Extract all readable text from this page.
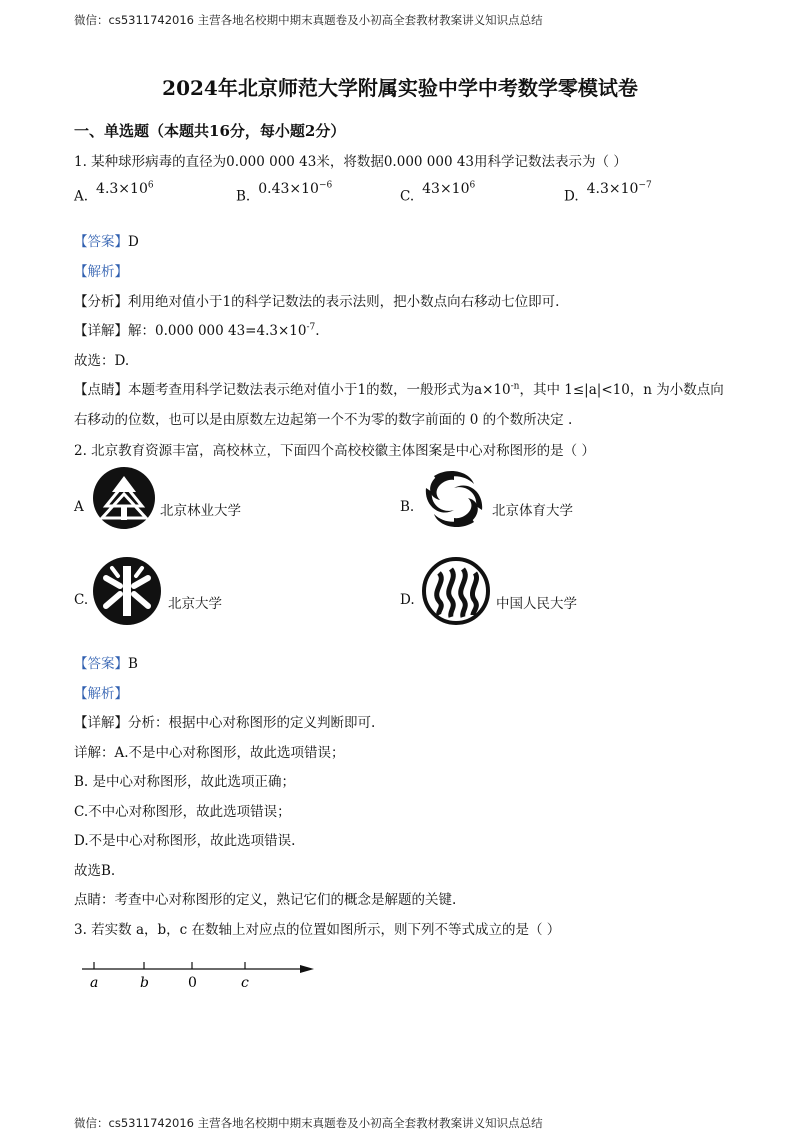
微信：cs5311742016 主营各地名校期中期末真题卷及小初高全套教材教案讲义知识点总结
2024年北京师范大学附属实验中学中考数学零模试卷
一、单选题（本题共16分，每小题2分）
1. 某种球形病毒的直径为0.000 000 43米，将数据0.000 000 43用科学记数法表示为（ ）
A. $4.3\times 10^6$
B. $0.43\times 10^{-6}$
C. $43\times 10^6$
D. $4.3\times 10^{-7}$
【答案】D
【解析】
【分析】利用绝对值小于1的科学记数法的表示法则，把小数点向右移动七位即可.
【详解】解：0.000 000 $43=4.3\times 10^{-7}$.
故选：D.
【点睛】本题考查用科学记数法表示绝对值小于1的数，一般形式为$a\times 10^{-n}$，其中 1≤|a|<10，n 为小数点向
右移动的位数，也可以是由原数左边起第一个不为零的数字前面的 0 的个数所决定 .
2. 北京教育资源丰富，高校林立，下面四个高校校徽主体图案是中心对称图形的是（ ）
A	北京林业大学	B.	北京体育大学
C.	北京大学	D.	中国人民大学
【答案】B
【解析】
【详解】分析：根据中心对称图形的定义判断即可.
详解：A.不是中心对称图形，故此选项错误；
B. 是中心对称图形，故此选项正确；
C.不中心对称图形，故此选项错误；
D.不是中心对称图形，故此选项错误.
故选B.
点睛：考查中心对称图形的定义，熟记它们的概念是解题的关键.
3. 若实数 a，b，c 在数轴上对应点的位置如图所示，则下列不等式成立的是（ ）
a	b	0	c
微信：cs5311742016 主营各地名校期中期末真题卷及小初高全套教材教案讲义知识点总结
